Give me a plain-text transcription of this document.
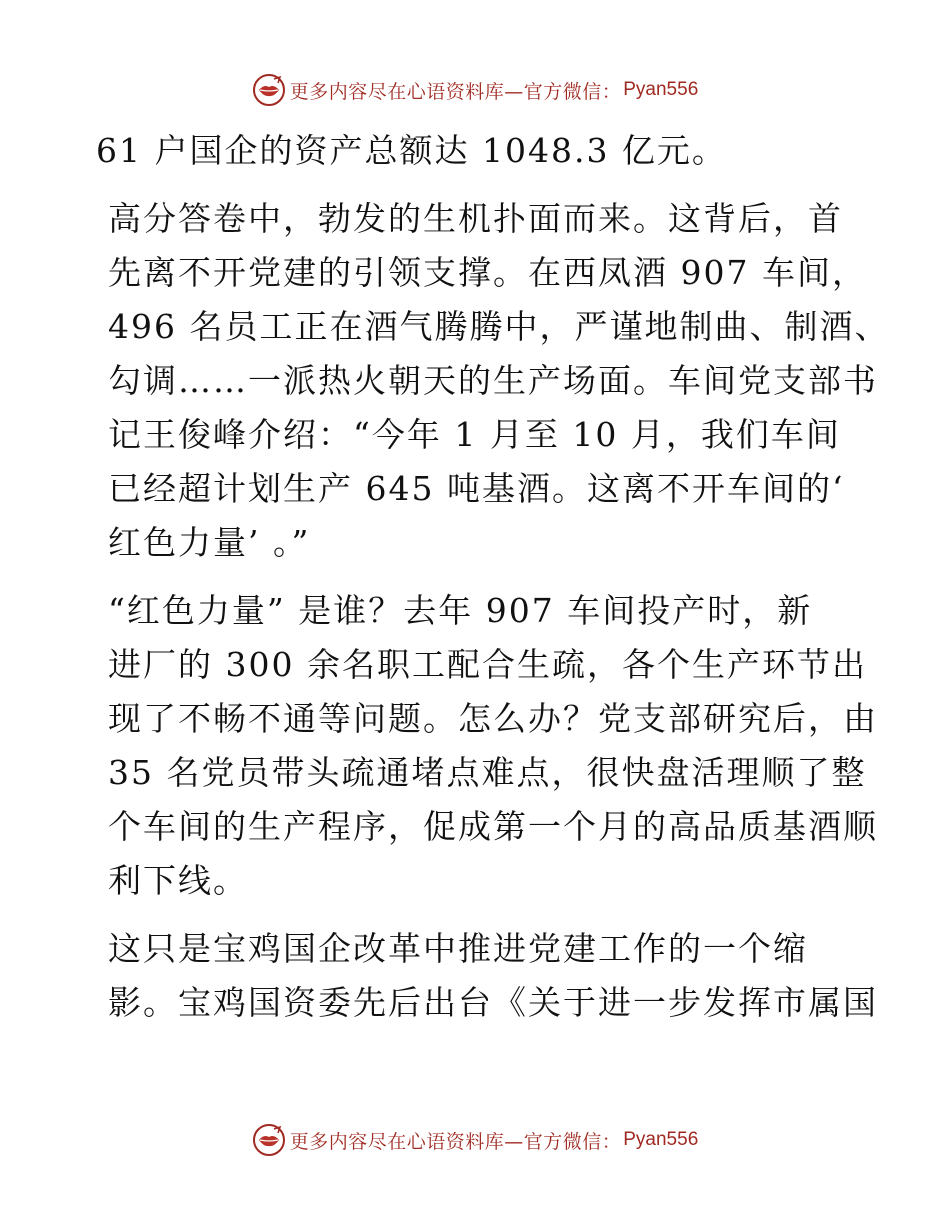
更多内容尽在心语资料库—官方微信： Pyan556

61 户国企的资产总额达 1048.3 亿元。

高分答卷中，勃发的生机扑面而来。这背后，首
先离不开党建的引领支撑。在西凤酒 907 车间，
496 名员工正在酒气腾腾中，严谨地制曲、制酒、
勾调……一派热火朝天的生产场面。车间党支部书
记王俊峰介绍：“今年 1 月至 10 月，我们车间
已经超计划生产 645 吨基酒。这离不开车间的‘
红色力量’ 。”

“红色力量” 是谁？去年 907 车间投产时，新
进厂的 300 余名职工配合生疏，各个生产环节出
现了不畅不通等问题。怎么办？党支部研究后，由
35 名党员带头疏通堵点难点，很快盘活理顺了整
个车间的生产程序，促成第一个月的高品质基酒顺
利下线。

这只是宝鸡国企改革中推进党建工作的一个缩
影。宝鸡国资委先后出台《关于进一步发挥市属国

更多内容尽在心语资料库—官方微信： Pyan556
